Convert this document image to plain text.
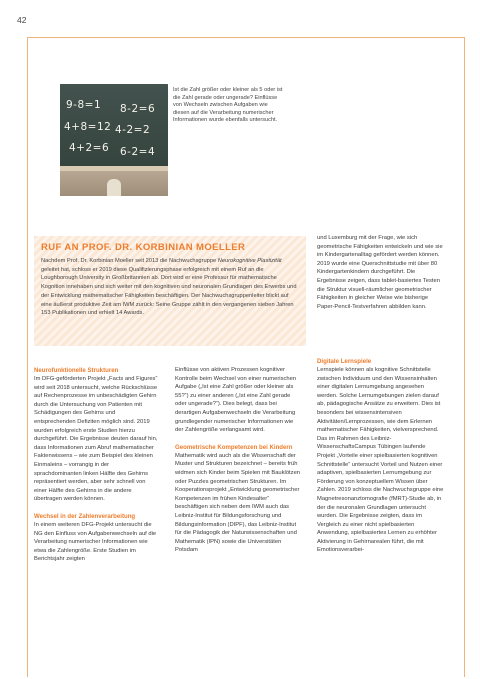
42
9-8=1 8-2=6
4+8=12 4-2=2
4+2=6 6-2=4
Ist die Zahl größer oder kleiner als 5 oder ist die Zahl gerade oder ungerade? Einflüsse von Wechseln zwischen Aufgaben wie diesen auf die Verarbeitung numerischer Informationen wurde ebenfalls untersucht.
RUF AN PROF. DR. KORBINIAN MOELLER
Nachdem Prof. Dr. Korbinian Moeller seit 2013 die Nachwuchsgruppe Neurokognitive Plastizität geleitet hat, schloss er 2019 diese Qualifizierungsphase erfolgreich mit einem Ruf an die Loughborough University in Großbritannien ab. Dort wird er eine Professur für mathematische Kognition innehaben und sich weiter mit den kognitiven und neuronalen Grundlagen des Erwerbs und der Entwicklung mathematischer Fähigkeiten beschäftigen. Der Nachwuchsgruppenleiter blickt auf eine äußerst produktive Zeit am IWM zurück: Seine Gruppe zählt in den vergangenen sieben Jahren 153 Publikationen und erhielt 14 Awards.

und Luxemburg mit der Frage, wie sich geometrische Fähigkeiten entwickeln und wie sie im Kindergartenalltag gefördert werden können. 2019 wurde eine Querschnittstudie mit über 80 Kindergartenkindern durchgeführt. Die Ergebnisse zeigen, dass tablet-basiertes Testen die Struktur visuell-räumlicher geometrischer Fähigkeiten in gleicher Weise wie bisherige Paper-Pencil-Testverfahren abbilden kann.

Neurofunktionelle Strukturen

Im DFG-geförderten Projekt „Facts and Figures“ wird seit 2018 untersucht, welche Rückschlüsse auf Rechenprozesse im unbeschädigten Gehirn durch die Untersuchung von Patienten mit Schädigungen des Gehirns und entsprechenden Defiziten möglich sind. 2019 wurden erfolgreich erste Studien hierzu durchgeführt. Die Ergebnisse deuten darauf hin, dass Informationen zum Abruf mathematischer Faktenwissens – wie zum Beispiel des kleinen Einmaleins – vorrangig in der sprachdominanten linken Hälfte des Gehirns repräsentiert werden, aber sehr schnell von einer Hälfte des Gehirns in die andere übertragen werden können.

Wechsel in der Zahlenverarbeitung

In einem weiteren DFG-Projekt untersucht die NG den Einfluss von Aufgabenwechseln auf die Verarbeitung numerischer Informationen wie etwa die Zahlengröße. Erste Studien im Berichtsjahr zeigten

Einflüsse von aktiven Prozessen kognitiver Kontrolle beim Wechsel von einer numerischen Aufgabe („Ist eine Zahl größer oder kleiner als 55?“) zu einer anderen („Ist eine Zahl gerade oder ungerade?“). Dies belegt, dass bei derartigen Aufgabenwechseln die Verarbeitung grundlegender numerischer Informationen wie der Zahlengröße verlangsamt wird.

Geometrische Kompetenzen bei Kindern

Mathematik wird auch als die Wissenschaft der Muster und Strukturen bezeichnet – bereits früh widmen sich Kinder beim Spielen mit Bauklötzen oder Puzzles geometrischen Strukturen. Im Kooperationsprojekt „Entwicklung geometrischer Kompetenzen im frühen Kindesalter“ beschäftigen sich neben dem IWM auch das Leibniz-Institut für Bildungsforschung und Bildungsinformation (DIPF), das Leibniz-Institut für die Pädagogik der Naturwissenschaften und Mathematik (IPN) sowie die Universitäten Potsdam

Digitale Lernspiele

Lernspiele können als kognitive Schnittstelle zwischen Individuum und den Wissensinhalten einer digitalen Lernumgebung angesehen werden. Solche Lernumgebungen zielen darauf ab, pädagogische Ansätze zu erweitern. Dies ist besonders bei wissensintensiven Aktivitäten/Lernprozessen, wie dem Erlernen mathematischer Fähigkeiten, vielversprechend. Das im Rahmen des Leibniz-WissenschaftsCampus Tübingen laufende Projekt „Vorteile einer spielbasierten kognitiven Schnittstelle“ untersucht Vorteil und Nutzen einer adaptiven, spielbasierten Lernumgebung zur Förderung von konzeptuellem Wissen über Zahlen. 2019 schloss die Nachwuchsgruppe eine Magnetresonanztomografie (fMRT)-Studie ab, in der die neuronalen Grundlagen untersucht wurden. Die Ergebnisse zeigten, dass im Vergleich zu einer nicht spielbasierten Anwendung, spielbasiertes Lernen zu erhöhter Aktivierung in Gehirnarealen führt, die mit Emotionsverarbei-
